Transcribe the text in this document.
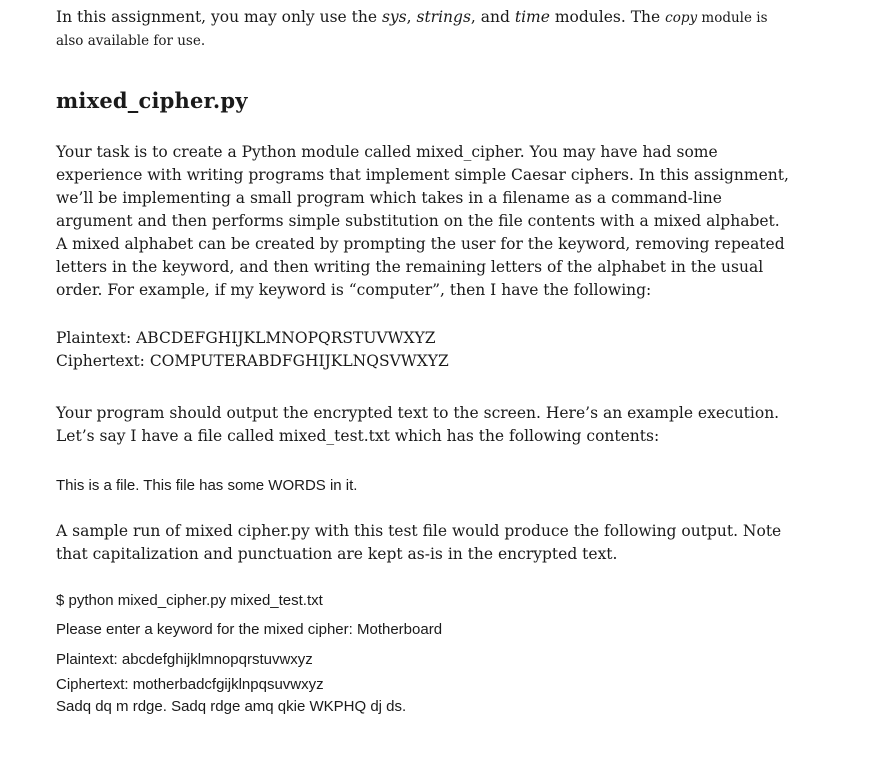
In this assignment, you may only use the sys, strings, and time modules. The copy module is
also available for use.

mixed_cipher.py

Your task is to create a Python module called mixed_cipher. You may have had some
experience with writing programs that implement simple Caesar ciphers. In this assignment,
we’ll be implementing a small program which takes in a filename as a command-line
argument and then performs simple substitution on the file contents with a mixed alphabet.
A mixed alphabet can be created by prompting the user for the keyword, removing repeated
letters in the keyword, and then writing the remaining letters of the alphabet in the usual
order. For example, if my keyword is “computer”, then I have the following:

Plaintext: ABCDEFGHIJKLMNOPQRSTUVWXYZ
Ciphertext: COMPUTERABDFGHIJKLNQSVWXYZ

Your program should output the encrypted text to the screen. Here’s an example execution.
Let’s say I have a file called mixed_test.txt which has the following contents:

This is a file. This file has some WORDS in it.

A sample run of mixed cipher.py with this test file would produce the following output. Note
that capitalization and punctuation are kept as-is in the encrypted text.

$ python mixed_cipher.py mixed_test.txt

Please enter a keyword for the mixed cipher: Motherboard

Plaintext: abcdefghijklmnopqrstuvwxyz

Ciphertext: motherbadcfgijklnpqsuvwxyz

Sadq dq m rdge. Sadq rdge amq qkie WKPHQ dj ds.
